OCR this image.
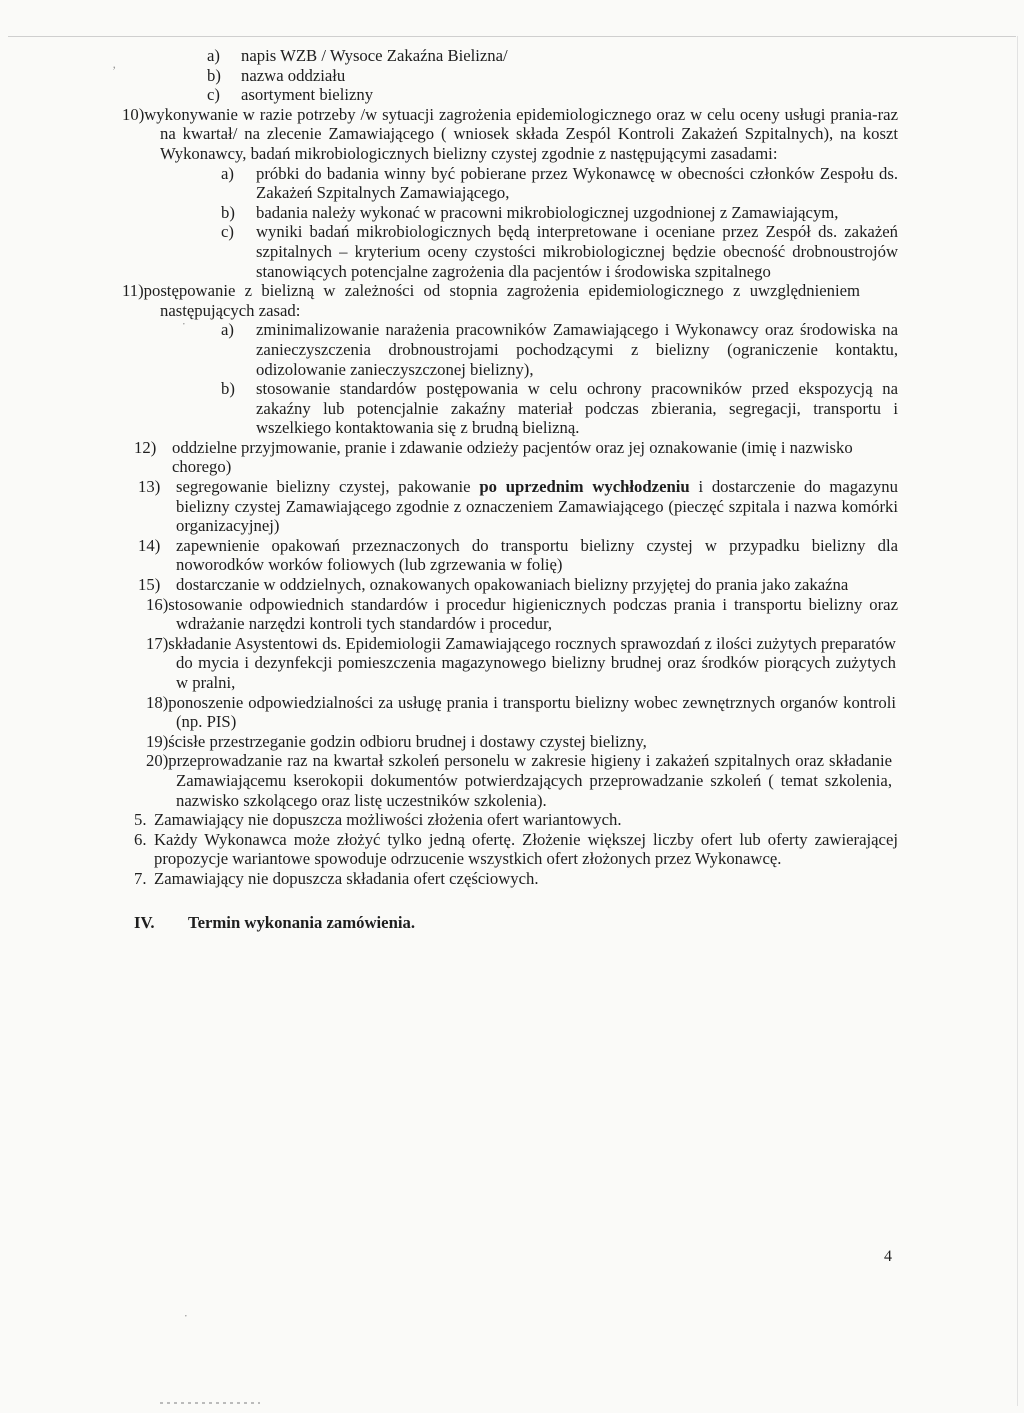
‚
·
·
a)	napis WZB / Wysoce Zakaźna Bielizna/
b)	nazwa oddziału
c)	asortyment bielizny

10)wykonywanie w razie potrzeby /w sytuacji zagrożenia epidemiologicznego oraz w celu oceny usługi prania-raz na kwartał/ na zlecenie Zamawiającego ( wniosek składa Zespól Kontroli Zakażeń Szpitalnych), na koszt Wykonawcy, badań mikrobiologicznych bielizny czystej zgodnie z następującymi zasadami:

a)	próbki do badania winny być pobierane przez Wykonawcę w obecności członków Zespołu ds. Zakażeń Szpitalnych Zamawiającego,
b)	badania należy wykonać w pracowni mikrobiologicznej uzgodnionej z Zamawiającym,
c)	wyniki badań mikrobiologicznych będą interpretowane i oceniane przez Zespół ds. zakażeń szpitalnych – kryterium oceny czystości mikrobiologicznej będzie obecność drobnoustrojów stanowiących potencjalne zagrożenia dla pacjentów i środowiska szpitalnego

11)postępowanie z bielizną w zależności od stopnia zagrożenia epidemiologicznego z uwzględnieniem następujących zasad:

a)	zminimalizowanie narażenia pracowników Zamawiającego i Wykonawcy oraz środowiska na zanieczyszczenia drobnoustrojami pochodzącymi z bielizny (ograniczenie kontaktu, odizolowanie zanieczyszczonej bielizny),
b)	stosowanie standardów postępowania w celu ochrony pracowników przed ekspozycją na zakaźny lub potencjalnie zakaźny materiał podczas zbierania, segregacji, transportu i wszelkiego kontaktowania się z brudną bielizną.
12) oddzielne przyjmowanie, pranie i zdawanie odzieży pacjentów oraz jej oznakowanie (imię i nazwisko chorego)
13) segregowanie bielizny czystej, pakowanie po uprzednim wychłodzeniu i dostarczenie do magazynu bielizny czystej Zamawiającego zgodnie z oznaczeniem Zamawiającego (pieczęć szpitala i nazwa komórki organizacyjnej)
14) zapewnienie opakowań przeznaczonych do transportu bielizny czystej w przypadku bielizny dla noworodków worków foliowych (lub zgrzewania w folię)
15) dostarczanie w oddzielnych, oznakowanych opakowaniach bielizny przyjętej do prania jako zakaźna

16)stosowanie odpowiednich standardów i procedur higienicznych podczas prania i transportu bielizny oraz wdrażanie narzędzi kontroli tych standardów i procedur,

17)składanie Asystentowi ds. Epidemiologii Zamawiającego rocznych sprawozdań z ilości zużytych preparatów do mycia i dezynfekcji pomieszczenia magazynowego bielizny brudnej oraz środków piorących zużytych w pralni,

18)ponoszenie odpowiedzialności za usługę prania i transportu bielizny wobec zewnętrznych organów kontroli (np. PIS)

19)ścisłe przestrzeganie godzin odbioru brudnej i dostawy czystej bielizny,

20)przeprowadzanie raz na kwartał szkoleń personelu w zakresie higieny i zakażeń szpitalnych oraz składanie Zamawiającemu kserokopii dokumentów potwierdzających przeprowadzanie szkoleń ( temat szkolenia, nazwisko szkolącego oraz listę uczestników szkolenia).

5. Zamawiający nie dopuszcza możliwości złożenia ofert wariantowych.
6. Każdy Wykonawca może złożyć tylko jedną ofertę. Złożenie większej liczby ofert lub oferty zawierającej propozycje wariantowe spowoduje odrzucenie wszystkich ofert złożonych przez Wykonawcę.
7. Zamawiający nie dopuszcza składania ofert częściowych.
IV. Termin wykonania zamówienia.
4
